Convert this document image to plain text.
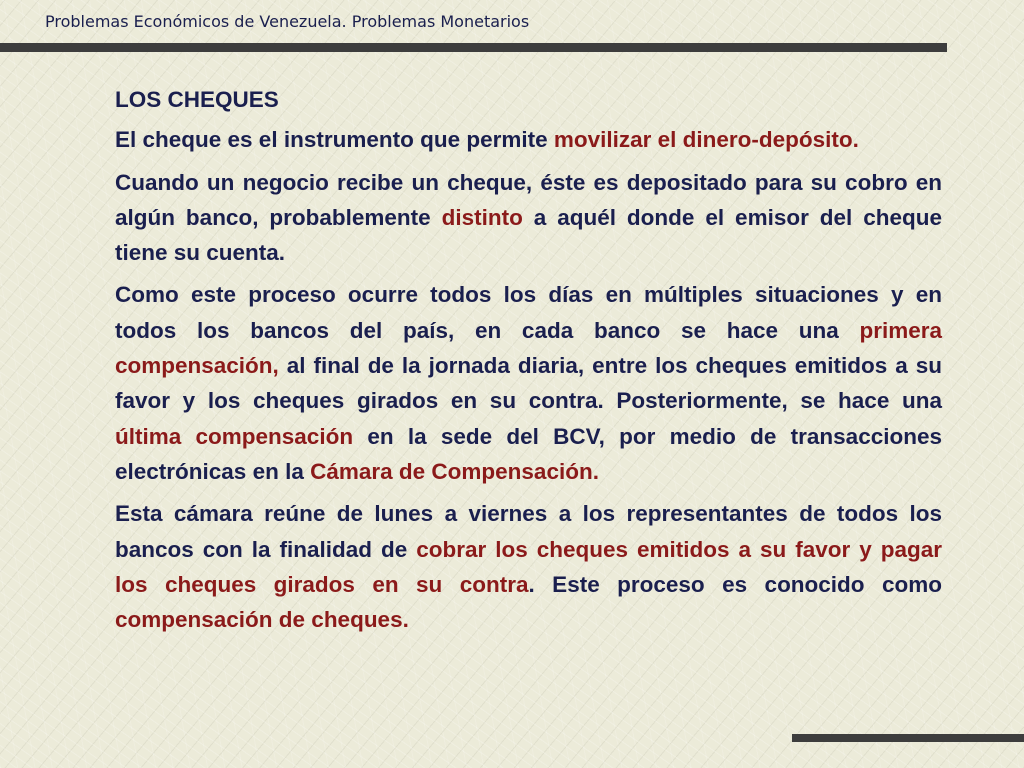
Problemas Económicos de Venezuela. Problemas Monetarios

LOS CHEQUES

El cheque es el instrumento que permite movilizar el dinero-depósito.

Cuando un negocio recibe un cheque, éste es depositado para su cobro en algún banco, probablemente distinto a aquél donde el emisor del cheque tiene su cuenta.

Como este proceso ocurre todos los días en múltiples situaciones y en todos los bancos del país, en cada banco se hace una primera compensación, al final de la jornada diaria, entre los cheques emitidos a su favor y los cheques girados en su contra. Posteriormente, se hace una última compensación en la sede del BCV, por medio de transacciones electrónicas en la Cámara de Compensación.

Esta cámara reúne de lunes a viernes a los representantes de todos los bancos con la finalidad de cobrar los cheques emitidos a su favor y pagar los cheques girados en su contra. Este proceso es conocido como compensación de cheques.
